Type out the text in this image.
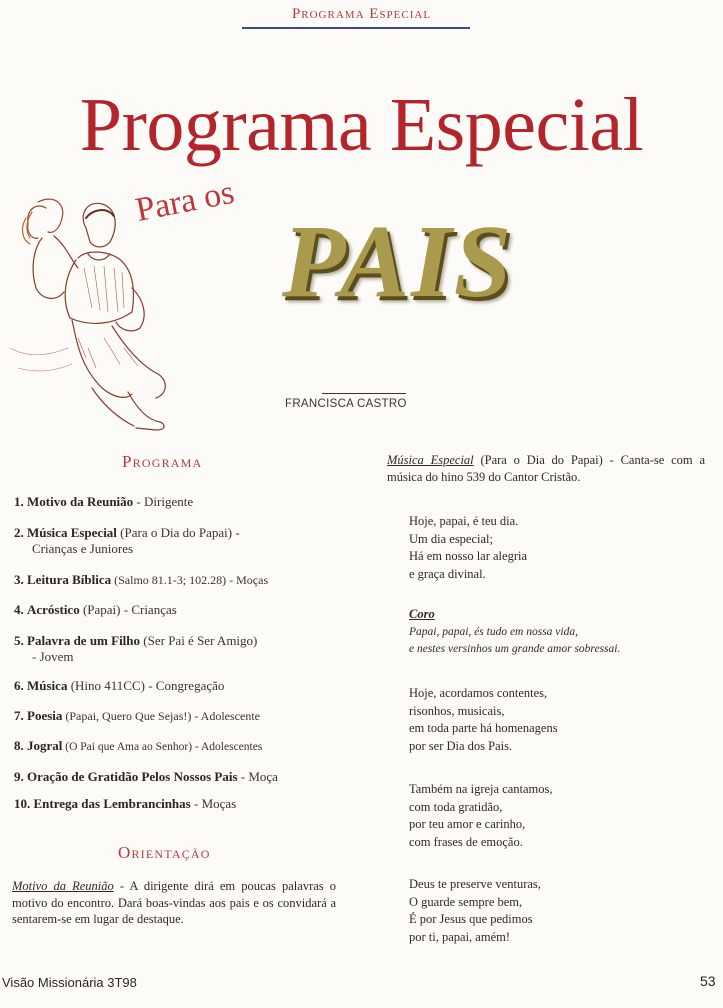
Programa Especial
Programa Especial
Para os
PAIS
FRANCISCA CASTRO
Programa
1. Motivo da Reunião - Dirigente
2. Música Especial (Para o Dia do Papai) -
Crianças e Juniores
3. Leitura Bíblica (Salmo 81.1-3; 102.28) - Moças
4. Acróstico (Papai) - Crianças
5. Palavra de um Filho (Ser Pai é Ser Amigo)
- Jovem
6. Música (Hino 411CC) - Congregação
7. Poesia (Papai, Quero Que Sejas!) - Adolescente
8. Jogral (O Pai que Ama ao Senhor) - Adolescentes
9. Oração de Gratidão Pelos Nossos Pais - Moça
10. Entrega das Lembrancinhas - Moças
Orientação
Motivo da Reunião - A dirigente dirá em poucas palavras o motivo do encontro. Dará boas-vindas aos pais e os convidará a sentarem-se em lugar de destaque.
Música Especial (Para o Dia do Papai) - Canta-se com a música do hino 539 do Cantor Cristão.
Hoje, papai, é teu dia.
Um dia especial;
Há em nosso lar alegria
e graça divinal.
Coro
Papai, papai, és tudo em nossa vida,
e nestes versinhos um grande amor sobressai.
Hoje, acordamos contentes,
risonhos, musicais,
em toda parte há homenagens
por ser Dia dos Pais.
Também na igreja cantamos,
com toda gratidão,
por teu amor e carinho,
com frases de emoção.
Deus te preserve venturas,
O guarde sempre bem,
É por Jesus que pedimos
por ti, papai, amém!
Visão Missionária 3T98	53
